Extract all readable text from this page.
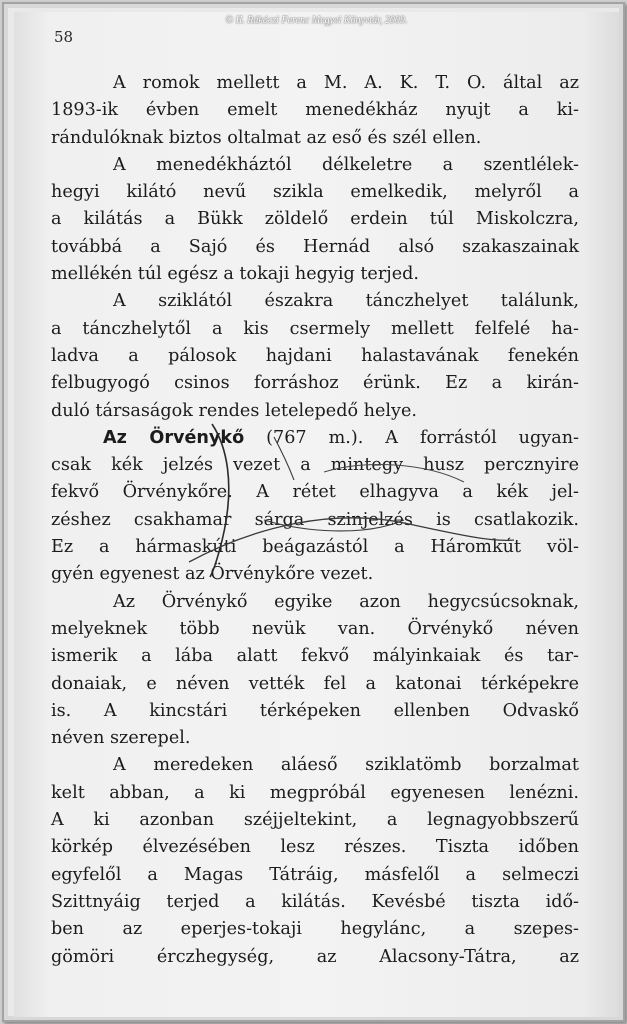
© II. Rákóczi Ferenc Megyei Könyvtár, 2009.
58
A romok mellett a M. A. K. T. O. által az
1893-ik évben emelt menedékház nyujt a ki-
rándulóknak biztos oltalmat az eső és szél ellen.
A menedékháztól délkeletre a szentlélek-
hegyi kilátó nevű szikla emelkedik, melyről a
a kilátás a Bükk zöldelő erdein túl Miskolczra,
továbbá a Sajó és Hernád alsó szakaszainak
mellékén túl egész a tokaji hegyig terjed.
A sziklától északra tánczhelyet találunk,
a tánczhelytől a kis csermely mellett felfelé ha-
ladva a pálosok hajdani halastavának fenekén
felbugyogó csinos forráshoz érünk. Ez a kirán-
duló társaságok rendes letelepedő helye.
Az Örvénykő (767 m.). A forrástól ugyan-
csak kék jelzés vezet a mintegy husz percznyire
fekvő Örvénykőre. A rétet elhagyva a kék jel-
zéshez csakhamar sárga szinjelzés is csatlakozik.
Ez a hármaskúti beágazástól a Háromkút völ-
gyén egyenest az Örvénykőre vezet.
Az Örvénykő egyike azon hegycsúcsoknak,
melyeknek több nevük van. Örvénykő néven
ismerik a lába alatt fekvő mályinkaiak és tar-
donaiak, e néven vették fel a katonai térképekre
is. A kincstári térképeken ellenben Odvaskő
néven szerepel.
A meredeken aláeső sziklatömb borzalmat
kelt abban, a ki megpróbál egyenesen lenézni.
A ki azonban széjjeltekint, a legnagyobbszerű
körkép élvezésében lesz részes. Tiszta időben
egyfelől a Magas Tátráig, másfelől a selmeczi
Szittnyáig terjed a kilátás. Kevésbé tiszta idő-
ben az eperjes-tokaji hegylánc, a szepes-
gömöri érczhegység, az Alacsony-Tátra, az
